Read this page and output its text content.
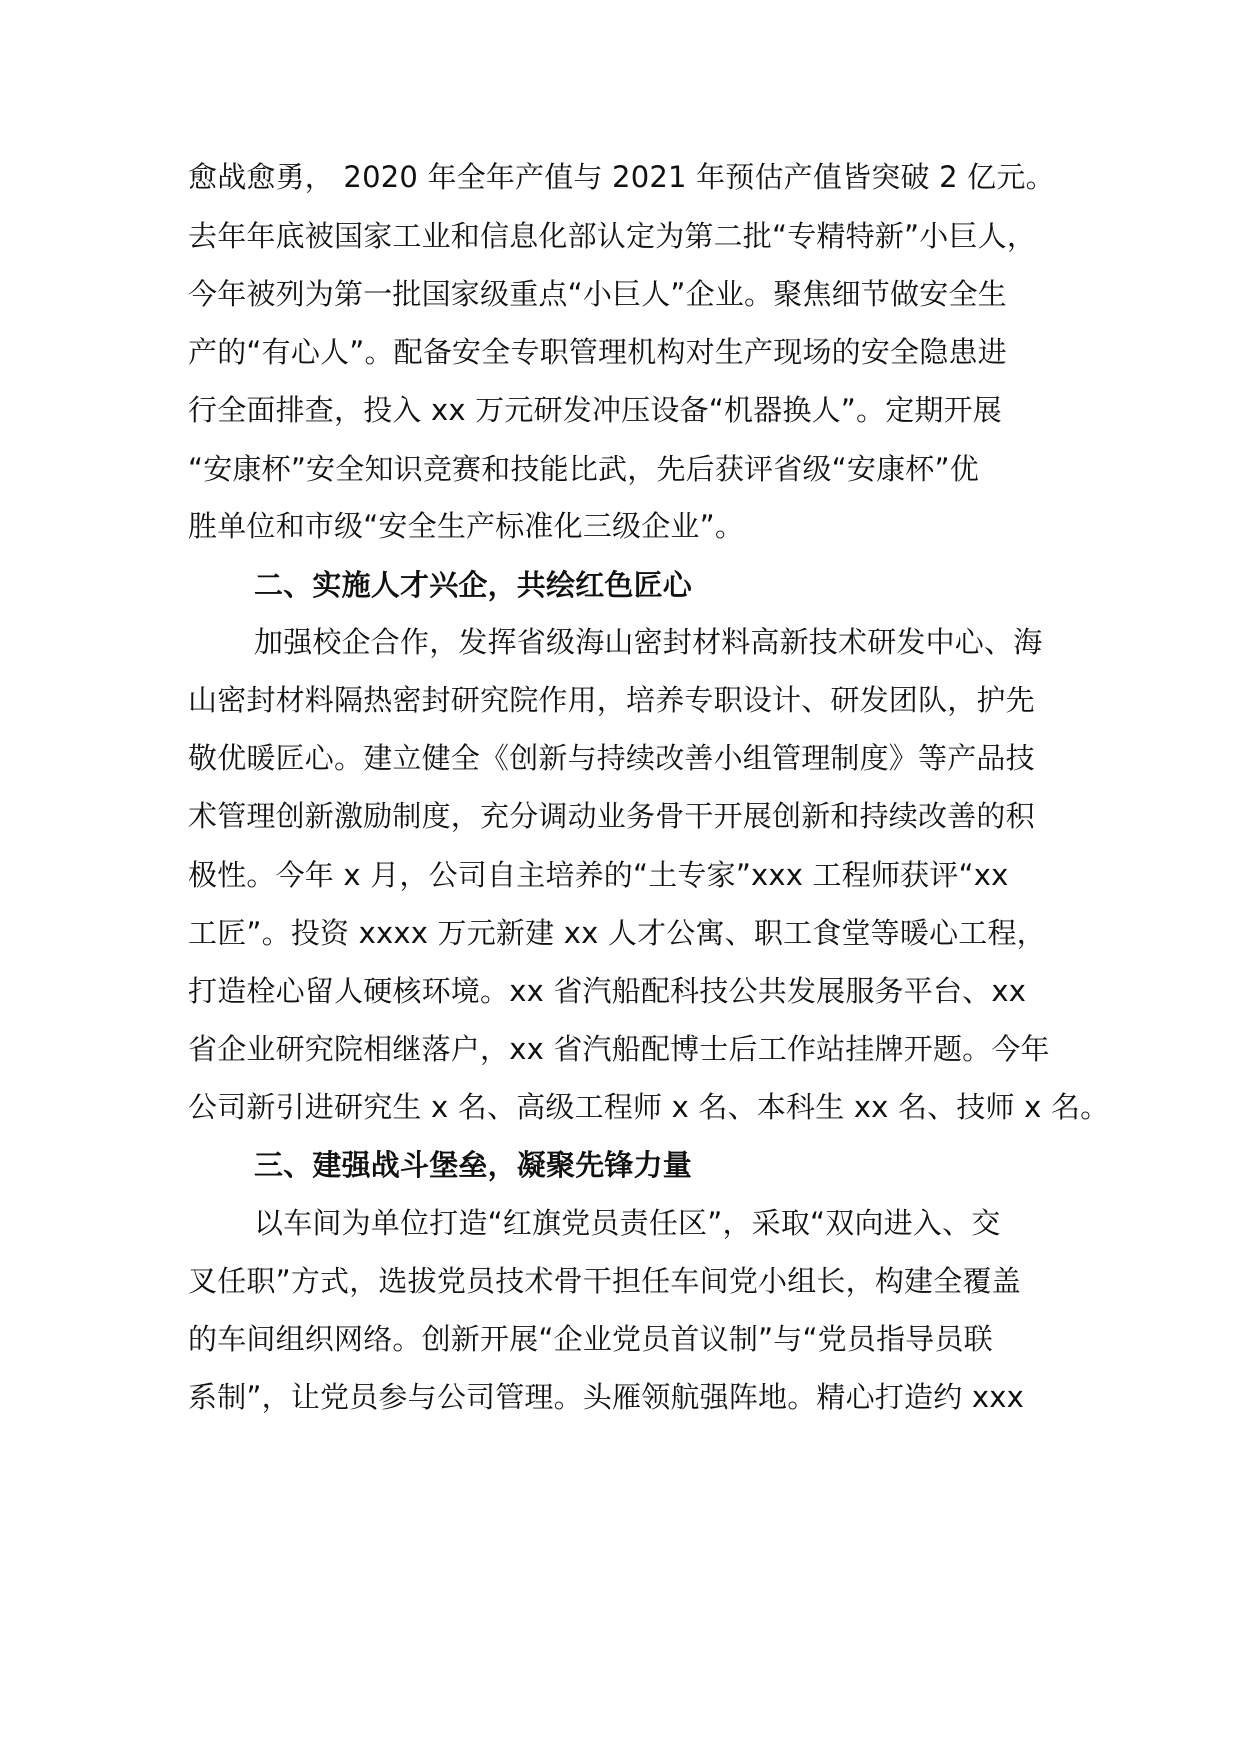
愈战愈勇， 2020 年全年产值与 2021 年预估产值皆突破 2 亿元。
去年年底被国家工业和信息化部认定为第二批“专精特新”小巨人，
今年被列为第一批国家级重点“小巨人”企业。聚焦细节做安全生
产的“有心人”。配备安全专职管理机构对生产现场的安全隐患进
行全面排查，投入 xx 万元研发冲压设备“机器换人”。定期开展
“安康杯”安全知识竞赛和技能比武，先后获评省级“安康杯”优
胜单位和市级“安全生产标准化三级企业”。
二、实施人才兴企，共绘红色匠心
加强校企合作，发挥省级海山密封材料高新技术研发中心、海
山密封材料隔热密封研究院作用，培养专职设计、研发团队，护先
敬优暖匠心。建立健全《创新与持续改善小组管理制度》等产品技
术管理创新激励制度，充分调动业务骨干开展创新和持续改善的积
极性。今年 x 月，公司自主培养的“土专家”xxx 工程师获评“xx
工匠”。投资 xxxx 万元新建 xx 人才公寓、职工食堂等暖心工程，
打造栓心留人硬核环境。xx 省汽船配科技公共发展服务平台、xx
省企业研究院相继落户，xx 省汽船配博士后工作站挂牌开题。今年
公司新引进研究生 x 名、高级工程师 x 名、本科生 xx 名、技师 x 名。
三、建强战斗堡垒，凝聚先锋力量
以车间为单位打造“红旗党员责任区”，采取“双向进入、交
叉任职”方式，选拔党员技术骨干担任车间党小组长，构建全覆盖
的车间组织网络。创新开展“企业党员首议制”与“党员指导员联
系制”，让党员参与公司管理。头雁领航强阵地。精心打造约 xxx
